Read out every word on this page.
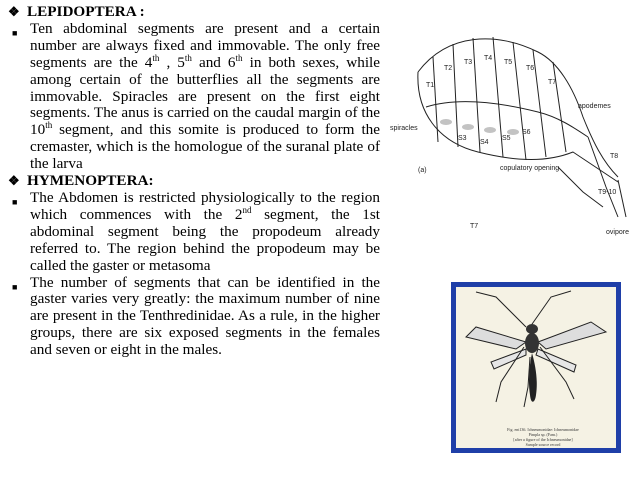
❖ LEPIDOPTERA :
■ Ten abdominal segments are present and a certain number are always fixed and immovable. The only free segments are the 4th , 5th and 6th in both sexes, while among certain of the butterflies all the segments are immovable. Spiracles are present on the first eight segments. The anus is carried on the caudal margin of the 10th segment, and this somite is produced to form the cremaster, which is the homologue of the suranal plate of the larva
❖ HYMENOPTERA:
■ The Abdomen is restricted physiologically to the region which commences with the 2nd segment, the 1st abdominal segment being the propodeum already referred to. The region behind the propodeum may be called the gaster or metasoma
■ The number of segments that can be identified in the gaster varies very greatly: the maximum number of nine are present in the Tenthredinidae. As a rule, in the higher groups, there are six exposed segments in the females and seven or eight in the males.
T1
T2
T3
T4
T5
T6
T7
S3
S4
S5
S6
spiracles
apodemes
copulatory opening
(a)
T8
T9-10
ovipore
T7
Fig. ent136. Ichneumonidae: Ichneumonidae
Pimpla sp. (Fam.)
[after a figure of the Ichneumonidae]
Sample source record
